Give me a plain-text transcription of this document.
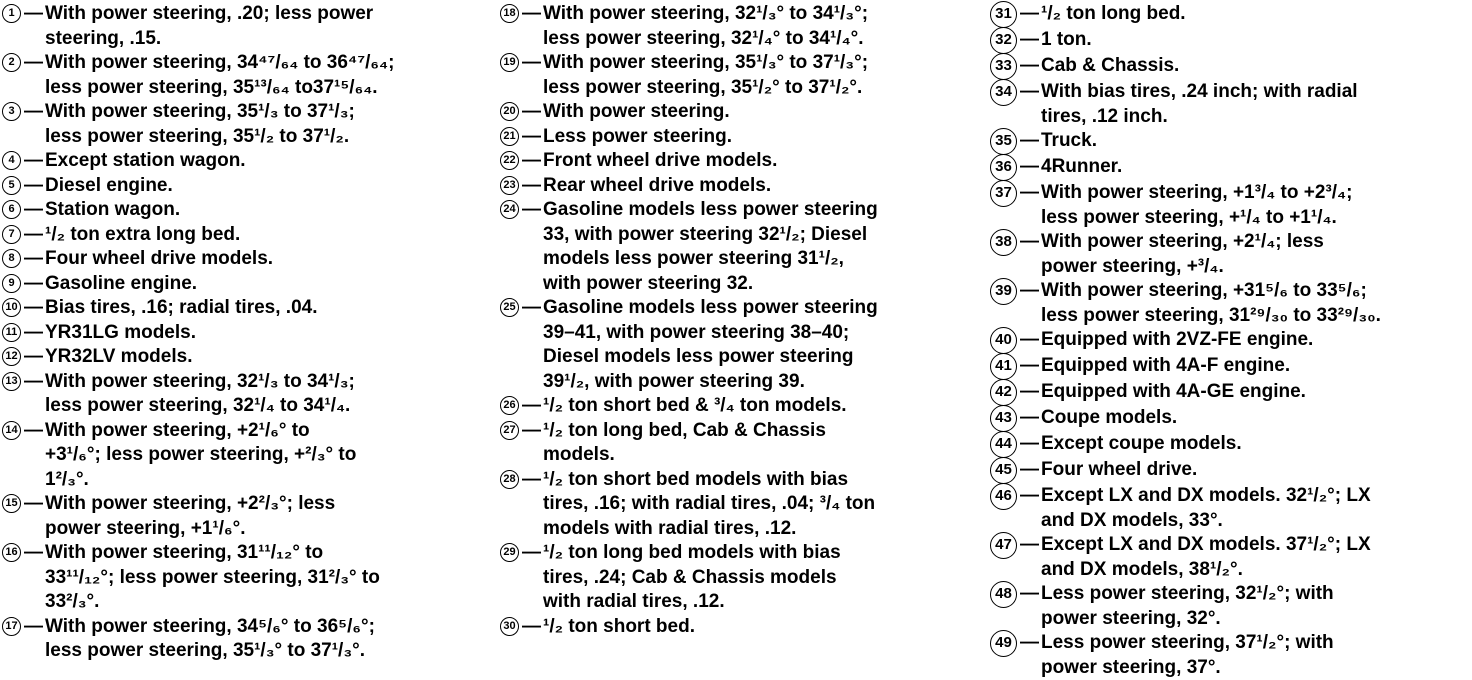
1 — With power steering, .20; less power
steering, .15.
2 — With power steering, 34⁴⁷/₆₄ to 36⁴⁷/₆₄;
less power steering, 35¹³/₆₄ to37¹⁵/₆₄.
3 — With power steering, 35¹/₃ to 37¹/₃;
less power steering, 35¹/₂ to 37¹/₂.
4 — Except station wagon.
5 — Diesel engine.
6 — Station wagon.
7 — ¹/₂ ton extra long bed.
8 — Four wheel drive models.
9 — Gasoline engine.
10 — Bias tires, .16; radial tires, .04.
11 — YR31LG models.
12 — YR32LV models.
13 — With power steering, 32¹/₃ to 34¹/₃;
less power steering, 32¹/₄ to 34¹/₄.
14 — With power steering, +2¹/₆° to
+3¹/₆°; less power steering, +²/₃° to
1²/₃°.
15 — With power steering, +2²/₃°; less
power steering, +1¹/₆°.
16 — With power steering, 31¹¹/₁₂° to
33¹¹/₁₂°; less power steering, 31²/₃° to
33²/₃°.
17 — With power steering, 34⁵/₆° to 36⁵/₆°;
less power steering, 35¹/₃° to 37¹/₃°.
18 — With power steering, 32¹/₃° to 34¹/₃°;
less power steering, 32¹/₄° to 34¹/₄°.
19 — With power steering, 35¹/₃° to 37¹/₃°;
less power steering, 35¹/₂° to 37¹/₂°.
20 — With power steering.
21 — Less power steering.
22 — Front wheel drive models.
23 — Rear wheel drive models.
24 — Gasoline models less power steering
33, with power steering 32¹/₂; Diesel
models less power steering 31¹/₂,
with power steering 32.
25 — Gasoline models less power steering
39–41, with power steering 38–40;
Diesel models less power steering
39¹/₂, with power steering 39.
26 — ¹/₂ ton short bed & ³/₄ ton models.
27 — ¹/₂ ton long bed, Cab & Chassis
models.
28 — ¹/₂ ton short bed models with bias
tires, .16; with radial tires, .04; ³/₄ ton
models with radial tires, .12.
29 — ¹/₂ ton long bed models with bias
tires, .24; Cab & Chassis models
with radial tires, .12.
30 — ¹/₂ ton short bed.
31 — ¹/₂ ton long bed.
32 — 1 ton.
33 — Cab & Chassis.
34 — With bias tires, .24 inch; with radial
tires, .12 inch.
35 — Truck.
36 — 4Runner.
37 — With power steering, +1³/₄ to +2³/₄;
less power steering, +¹/₄ to +1¹/₄.
38 — With power steering, +2¹/₄; less
power steering, +³/₄.
39 — With power steering, +31⁵/₆ to 33⁵/₆;
less power steering, 31²⁹/₃₀ to 33²⁹/₃₀.
40 — Equipped with 2VZ-FE engine.
41 — Equipped with 4A-F engine.
42 — Equipped with 4A-GE engine.
43 — Coupe models.
44 — Except coupe models.
45 — Four wheel drive.
46 — Except LX and DX models. 32¹/₂°; LX
and DX models, 33°.
47 — Except LX and DX models. 37¹/₂°; LX
and DX models, 38¹/₂°.
48 — Less power steering, 32¹/₂°; with
power steering, 32°.
49 — Less power steering, 37¹/₂°; with
power steering, 37°.
